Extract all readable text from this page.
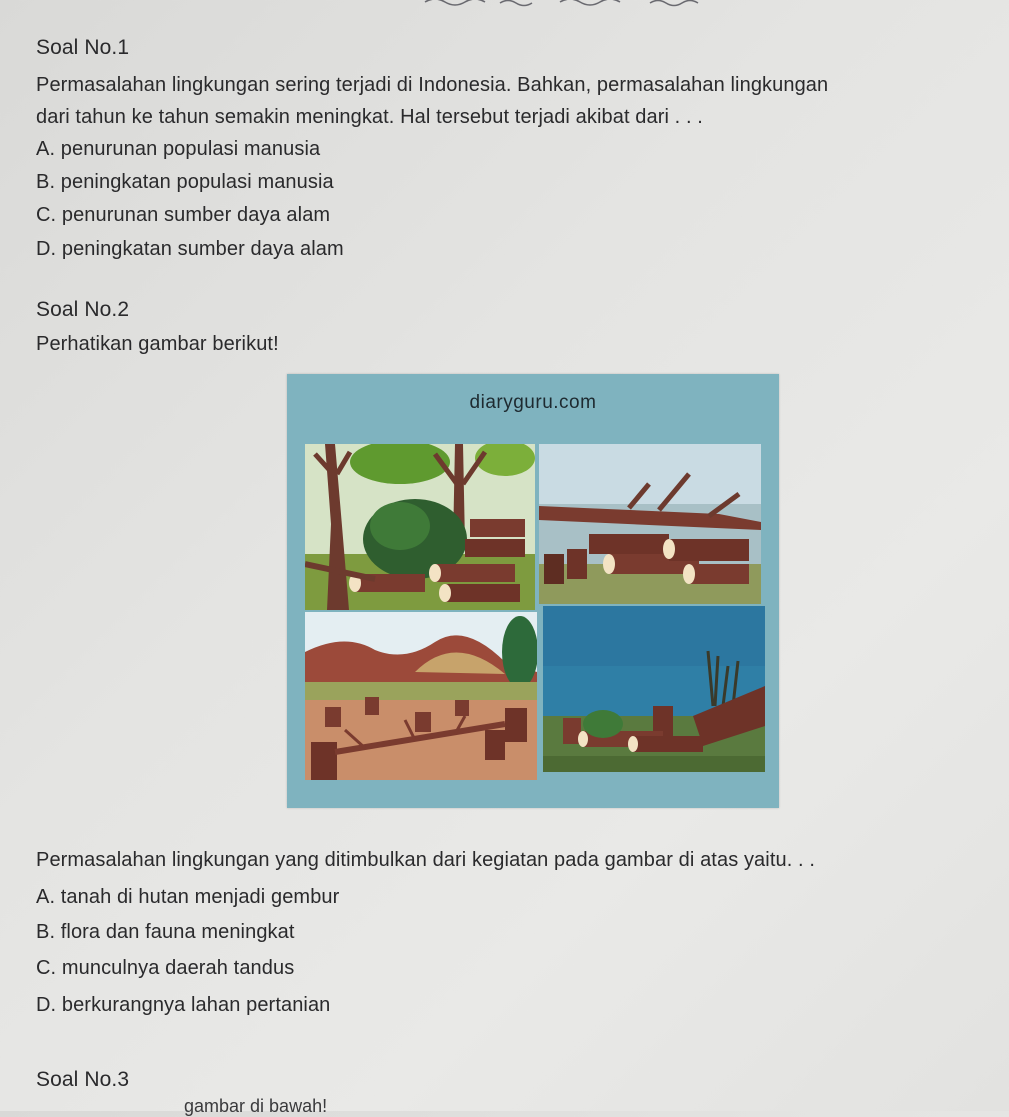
Soal No.1
Permasalahan lingkungan sering terjadi di Indonesia. Bahkan, permasalahan lingkungan
dari tahun ke tahun semakin meningkat. Hal tersebut terjadi akibat dari . . .
A. penurunan populasi manusia
B. peningkatan populasi manusia
C. penurunan sumber daya alam
D. peningkatan sumber daya alam
Soal No.2
Perhatikan gambar berikut!
diaryguru.com
Permasalahan lingkungan yang ditimbulkan dari kegiatan pada gambar di atas yaitu. . .
A. tanah di hutan menjadi gembur
B. flora dan fauna meningkat
C. munculnya daerah tandus
D. berkurangnya lahan pertanian
Soal No.3
gambar di bawah!
